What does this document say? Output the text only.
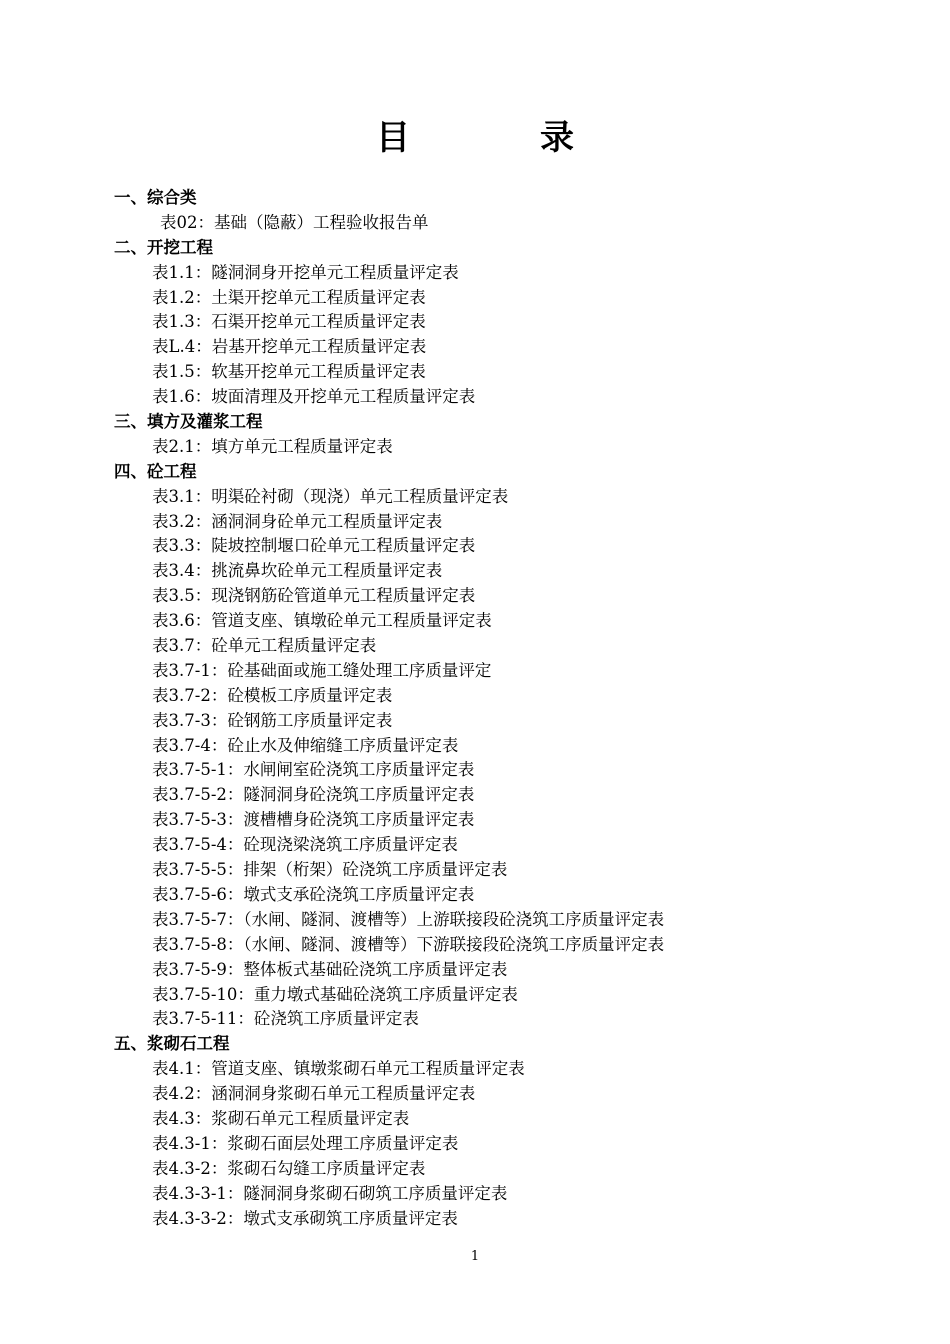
目　录
一、综合类
表02：基础（隐蔽）工程验收报告单
二、开挖工程
表1.1：隧洞洞身开挖单元工程质量评定表
表1.2：土渠开挖单元工程质量评定表
表1.3：石渠开挖单元工程质量评定表
表L.4：岩基开挖单元工程质量评定表
表1.5：软基开挖单元工程质量评定表
表1.6：坡面清理及开挖单元工程质量评定表
三、填方及灌浆工程
表2.1：填方单元工程质量评定表
四、砼工程
表3.1：明渠砼衬砌（现浇）单元工程质量评定表
表3.2：涵洞洞身砼单元工程质量评定表
表3.3：陡坡控制堰口砼单元工程质量评定表
表3.4：挑流鼻坎砼单元工程质量评定表
表3.5：现浇钢筋砼管道单元工程质量评定表
表3.6：管道支座、镇墩砼单元工程质量评定表
表3.7：砼单元工程质量评定表
表3.7-1：砼基础面或施工缝处理工序质量评定
表3.7-2：砼模板工序质量评定表
表3.7-3：砼钢筋工序质量评定表
表3.7-4：砼止水及伸缩缝工序质量评定表
表3.7-5-1：水闸闸室砼浇筑工序质量评定表
表3.7-5-2：隧洞洞身砼浇筑工序质量评定表
表3.7-5-3：渡槽槽身砼浇筑工序质量评定表
表3.7-5-4：砼现浇梁浇筑工序质量评定表
表3.7-5-5：排架（桁架）砼浇筑工序质量评定表
表3.7-5-6：墩式支承砼浇筑工序质量评定表
表3.7-5-7：（水闸、隧洞、渡槽等）上游联接段砼浇筑工序质量评定表
表3.7-5-8：（水闸、隧洞、渡槽等）下游联接段砼浇筑工序质量评定表
表3.7-5-9：整体板式基础砼浇筑工序质量评定表
表3.7-5-10：重力墩式基础砼浇筑工序质量评定表
表3.7-5-11：砼浇筑工序质量评定表
五、浆砌石工程
表4.1：管道支座、镇墩浆砌石单元工程质量评定表
表4.2：涵洞洞身浆砌石单元工程质量评定表
表4.3：浆砌石单元工程质量评定表
表4.3-1：浆砌石面层处理工序质量评定表
表4.3-2：浆砌石勾缝工序质量评定表
表4.3-3-1：隧洞洞身浆砌石砌筑工序质量评定表
表4.3-3-2：墩式支承砌筑工序质量评定表
1
